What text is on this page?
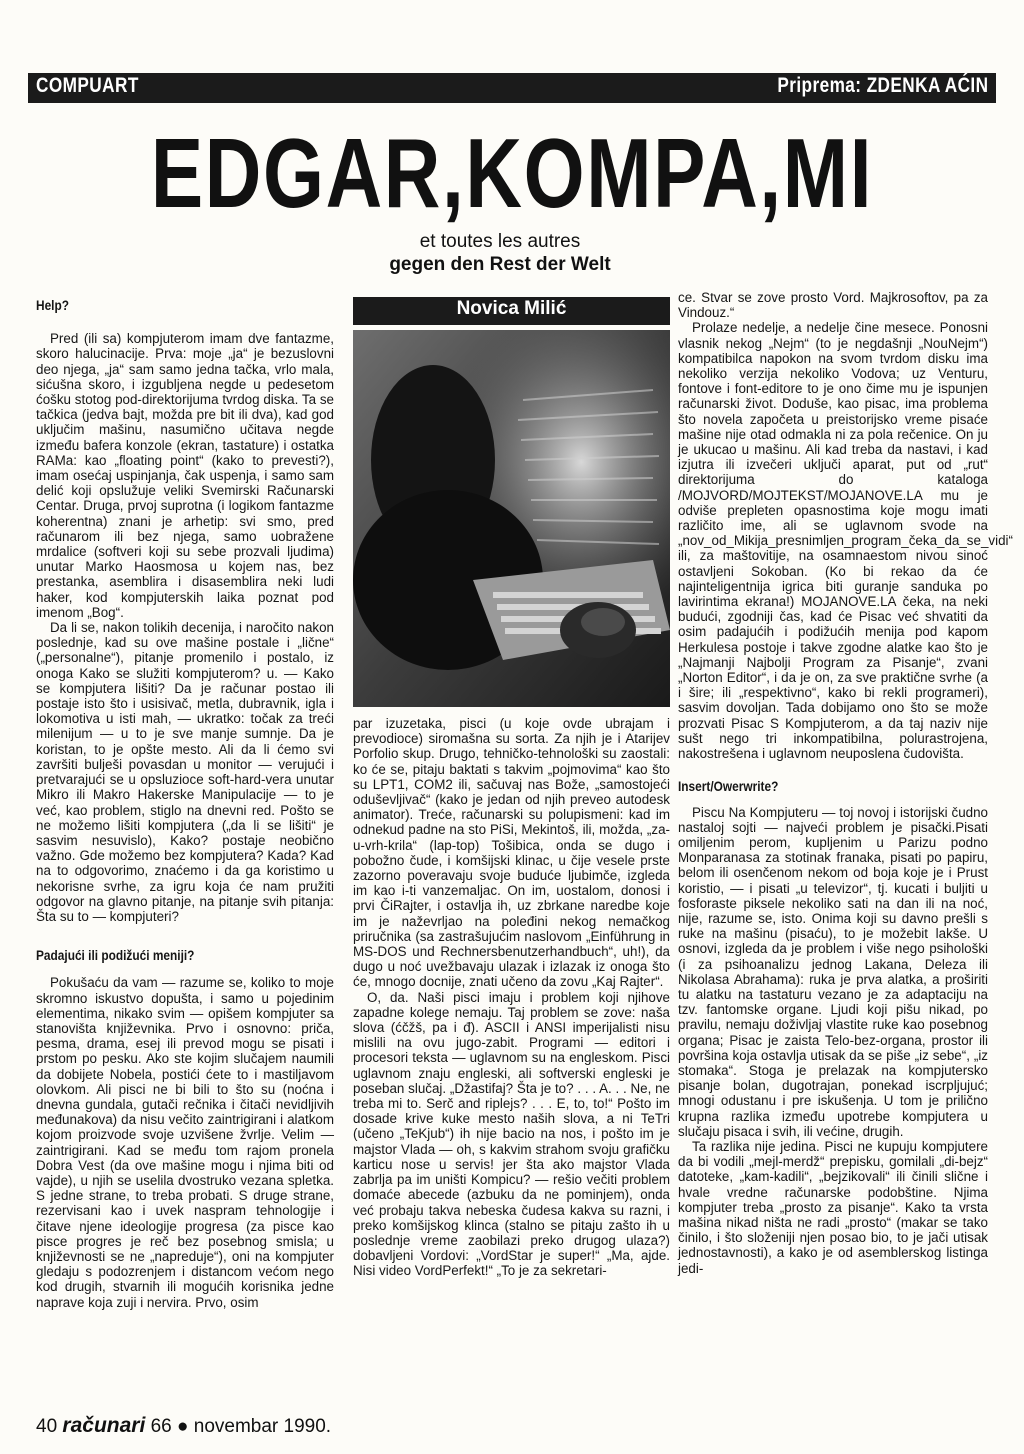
COMPUART	Priprema: ZDENKA AĆIN
EDGAR,KOMPA,MI
et toutes les autres
gegen den Rest der Welt
Novica Milić
Help?

Pred (ili sa) kompjuterom imam dve fantazme, skoro halucinacije. Prva: moje „ja“ je bezuslovni deo njega, „ja“ sam samo jedna tačka, vrlo mala, sićušna skoro, i izgubljena negde u pedesetom ćošku stotog pod-direktorijuma tvrdog diska. Ta se tačkica (jedva bajt, možda pre bit ili dva), kad god uključim mašinu, nasumično učitava negde između bafera konzole (ekran, tastature) i ostatka RAMa: kao „floating point“ (kako to prevesti?), imam osećaj uspinjanja, čak uspenja, i samo sam delić koji opslužuje veliki Svemirski Računarski Centar. Druga, prvoj suprotna (i logikom fantazme koherentna) znani je arhetip: svi smo, pred računarom ili bez njega, samo uobražene mrdalice (softveri koji su sebe prozvali ljudima) unutar Marko Haosmosa u kojem nas, bez prestanka, asemblira i disasemblira neki ludi haker, kod kompjuterskih laika poznat pod imenom „Bog“.

Da li se, nakon tolikih decenija, i naročito nakon poslednje, kad su ove mašine postale i „lične“ („personalne“), pitanje promenilo i postalo, iz onoga Kako se služiti kompjuterom? u. — Kako se kompjutera lišiti? Da je računar postao ili postaje isto što i usisivač, metla, dubravnik, igla i lokomotiva u isti mah, — ukratko: točak za treći milenijum — u to je sve manje sumnje. Da je koristan, to je opšte mesto. Ali da li ćemo svi završiti bulješi povasdan u monitor — verujući i pretvarajući se u opsluzioce soft-hard-vera unutar Mikro ili Makro Hakerske Manipulacije — to je već, kao problem, stiglo na dnevni red. Pošto se ne možemo lišiti kompjutera („da li se lišiti“ je sasvim nesuvislo), Kako? postaje neobično važno. Gde možemo bez kompjutera? Kada? Kad na to odgovorimo, znaćemo i da ga koristimo u nekorisne svrhe, za igru koja će nam pružiti odgovor na glavno pitanje, na pitanje svih pitanja: Šta su to — kompjuteri?

Padajući ili podižući meniji?

Pokušaću da vam — razume se, koliko to moje skromno iskustvo dopušta, i samo u pojedinim elementima, nikako svim — opišem kompjuter sa stanovišta književnika. Prvo i osnovno: priča, pesma, drama, esej ili prevod mogu se pisati i prstom po pesku. Ako ste kojim slučajem naumili da dobijete Nobela, postići ćete to i mastiljavom olovkom. Ali pisci ne bi bili to što su (noćna i dnevna gundala, gutači rečnika i čitači nevidljivih međunakova) da nisu večito zaintrigirani i alatkom kojom proizvode svoje uzvišene žvrlje. Velim — zaintrigirani. Kad se među tom rajom pronela Dobra Vest (da ove mašine mogu i njima biti od vajde), u njih se uselila dvostruko vezana spletka. S jedne strane, to treba probati. S druge strane, rezervisani kao i uvek naspram tehnologije i čitave njene ideologije progresa (za pisce kao pisce progres je reč bez posebnog smisla; u književnosti se ne „napreduje“), oni na kompjuter gledaju s podozrenjem i distancom većom nego kod drugih, stvarnih ili mogućih korisnika jedne naprave koja zuji i nervira. Prvo, osim

par izuzetaka, pisci (u koje ovde ubrajam i prevodioce) siromašna su sorta. Za njih je i Atarijev Porfolio skup. Drugo, tehničko-tehnološki su zaostali: ko će se, pitaju baktati s takvim „pojmovima“ kao što su LPT1, COM2 ili, sačuvaj nas Bože, „samostojeći oduševljivač“ (kako je jedan od njih preveo autodesk animator). Treće, računarski su polupismeni: kad im odnekud padne na sto PiSi, Mekintoš, ili, možda, „za-u-vrh-krila“ (lap-top) Tošibica, onda se dugo i pobožno čude, i komšijski klinac, u čije vesele prste zazorno poveravaju svoje buduće ljubimče, izgleda im kao i-ti vanzemaljac. On im, uostalom, donosi i prvi ČiRajter, i ostavlja ih, uz zbrkane naredbe koje im je naževrljao na poleđini nekog nemačkog priručnika (sa zastrašujućim naslovom „Einführung in MS-DOS und Rechnersbenutzerhandbuch“, uh!), da dugo u noć uvežbavaju ulazak i izlazak iz onoga što će, mnogo docnije, znati učeno da zovu „Kaj Rajter“.

O, da. Naši pisci imaju i problem koji njihove zapadne kolege nemaju. Taj problem se zove: naša slova (ćčžš, pa i đ). ASCII i ANSI imperijalisti nisu mislili na ovu jugo-zabit. Programi — editori i procesori teksta — uglavnom su na engleskom. Pisci uglavnom znaju engleski, ali softverski engleski je poseban slučaj. „Džastifaj? Šta je to? . . . A. . . Ne, ne treba mi to. Serč and riplejs? . . . E, to, to!“ Pošto im dosade krive kuke mesto naših slova, a ni TeTri (učeno „TeKjub“) ih nije bacio na nos, i pošto im je majstor Vlada — oh, s kakvim strahom svoju grafičku karticu nose u servis! jer šta ako majstor Vlada zabrlja pa im uništi Kompicu? — rešio večiti problem domaće abecede (azbuku da ne pominjem), onda već probaju takva nebeska čudesa kakva su razni, i preko komšijskog klinca (stalno se pitaju zašto ih u poslednje vreme zaobilazi preko drugog ulaza?) dobavljeni Vordovi: „VordStar je super!“ „Ma, ajde. Nisi video VordPerfekt!“ „To je za sekretari-

ce. Stvar se zove prosto Vord. Majkrosoftov, pa za Vindouz.“

Prolaze nedelje, a nedelje čine mesece. Ponosni vlasnik nekog „Nejm“ (to je negdašnji „NouNejm“) kompatibilca napokon na svom tvrdom disku ima nekoliko verzija nekoliko Vodova; uz Venturu, fontove i font-editore to je ono čime mu je ispunjen računarski život. Doduše, kao pisac, ima problema što novela započeta u preistorijsko vreme pisaće mašine nije otad odmakla ni za pola rečenice. On ju je ukucao u mašinu. Ali kad treba da nastavi, i kad izjutra ili izvečeri uključi aparat, put od „rut“ direktorijuma do kataloga /MOJVORD/MOJTEKST/MOJANOVE.LA mu je odviše prepleten opasnostima koje mogu imati različito ime, ali se uglavnom svode na „nov_od_Mikija_presnimljen_program_čeka_da_se_vidi“ ili, za maštovitije, na osamnaestom nivou sinoć ostavljeni Sokoban. (Ko bi rekao da će najinteligentnija igrica biti guranje sanduka po lavirintima ekrana!) MOJANOVE.LA čeka, na neki budući, zgodniji čas, kad će Pisac već shvatiti da osim padajućih i podižućih menija pod kapom Herkulesa postoje i takve zgodne alatke kao što je „Najmanji Najbolji Program za Pisanje“, zvani „Norton Editor“, i da je on, za sve praktične svrhe (a i šire; ili „respektivno“, kako bi rekli programeri), sasvim dovoljan. Tada dobijamo ono što se može prozvati Pisac S Kompjuterom, a da taj naziv nije sušt nego tri inkompatibilna, polurastrojena, nakostrešena i uglavnom neuposlena čudovišta.

Insert/Owerwrite?

Piscu Na Kompjuteru — toj novoj i istorijski čudno nastaloj sojti — najveći problem je pisački.Pisati omiljenim perom, kupljenim u Parizu podno Monparanasa za stotinak franaka, pisati po papiru, belom ili osenčenom nekom od boja koje je i Prust koristio, — i pisati „u televizor“, tj. kucati i buljiti u fosforaste piksele nekoliko sati na dan ili na noć, nije, razume se, isto. Onima koji su davno prešli s ruke na mašinu (pisaću), to je možebit lakše. U osnovi, izgleda da je problem i više nego psihološki (i za psihoanalizu jednog Lakana, Deleza ili Nikolasa Abrahama): ruka je prva alatka, a proširiti tu alatku na tastaturu vezano je za adaptaciju na tzv. fantomske organe. Ljudi koji pišu nikad, po pravilu, nemaju doživljaj vlastite ruke kao posebnog organa; Pisac je zaista Telo-bez-organa, prostor ili površina koja ostavlja utisak da se piše „iz sebe“, „iz stomaka“. Stoga je prelazak na kompjutersko pisanje bolan, dugotrajan, ponekad iscrpljujuć; mnogi odustanu i pre iskušenja. U tom je prilično krupna razlika između upotrebe kompjutera u slučaju pisaca i svih, ili većine, drugih.

Ta razlika nije jedina. Pisci ne kupuju kompjutere da bi vodili „mejl-merdž“ prepisku, gomilali „di-bejz“ datoteke, „kam-kadili“, „bejzikovali“ ili činili slične i hvale vredne računarske podobštine. Njima kompjuter treba „prosto za pisanje“. Kako ta vrsta mašina nikad ništa ne radi „prosto“ (makar se tako činilo, i što složeniji njen posao bio, to je jači utisak jednostavnosti), a kako je od asemblerskog listinga jedi-

40 računari 66 ● novembar 1990.
